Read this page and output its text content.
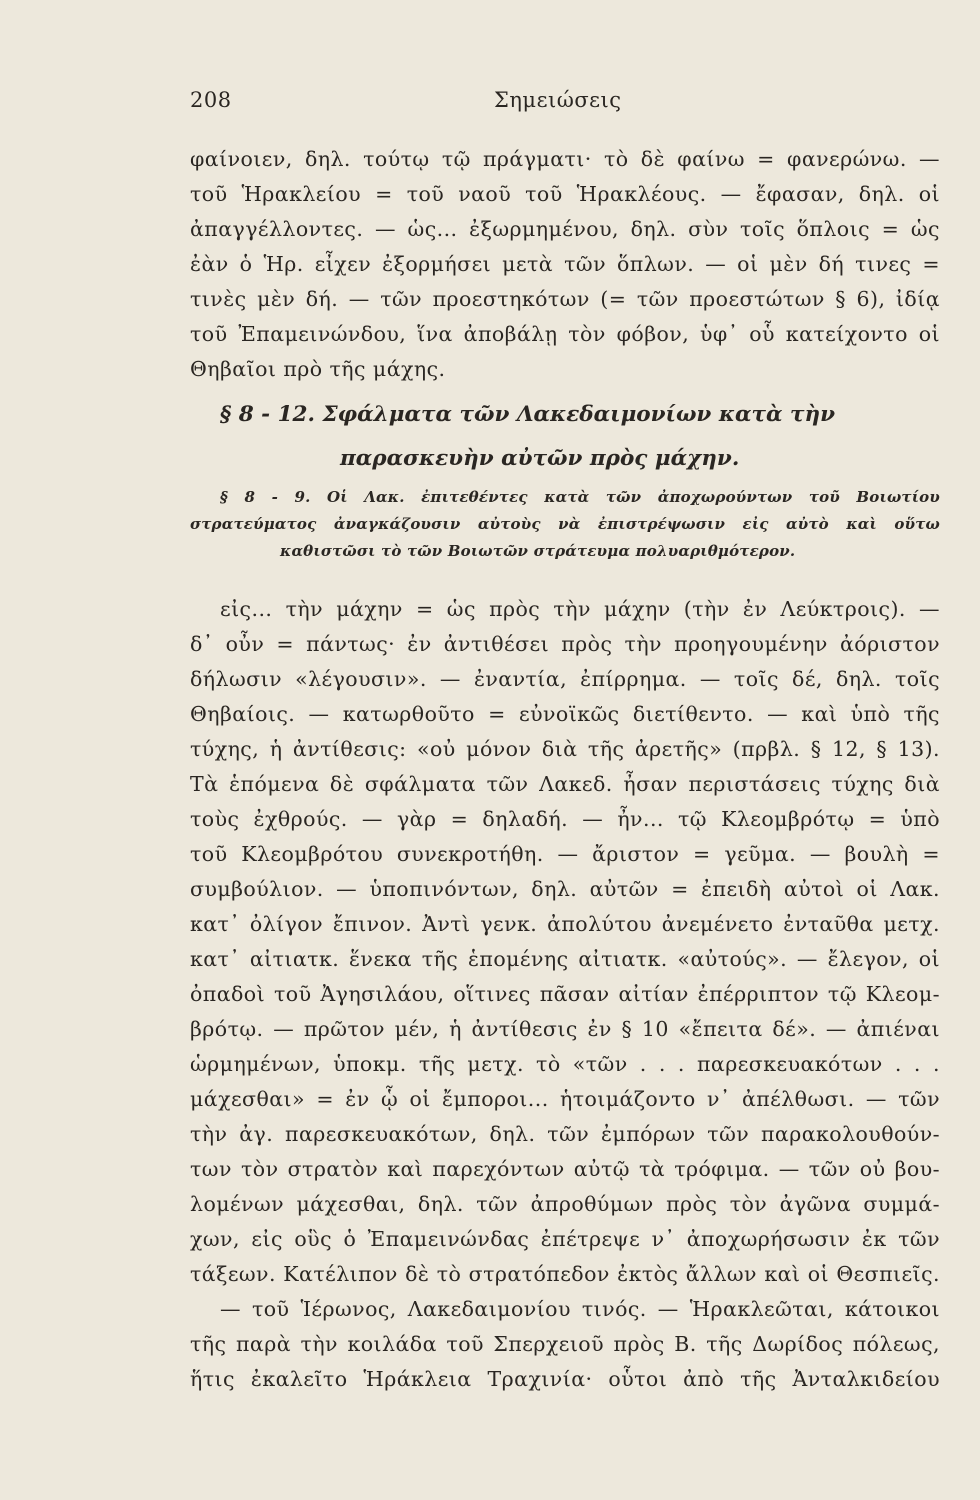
208	Σημειώσεις
φαίνοιεν, δηλ. τούτῳ τῷ πράγματι· τὸ δὲ φαίνω = φανερώνω. —
τοῦ Ἡρακλείου = τοῦ ναοῦ τοῦ Ἡρακλέους. — ἔφασαν, δηλ. οἱ
ἀπαγγέλλοντες. — ὡς... ἐξωρμημένου, δηλ. σὺν τοῖς ὅπλοις = ὡς
ἐὰν ὁ Ἡρ. εἶχεν ἐξορμήσει μετὰ τῶν ὅπλων. — οἱ μὲν δή τινες =
τινὲς μὲν δή. — τῶν προεστηκότων (= τῶν προεστώτων § 6), ἰδίᾳ
τοῦ Ἐπαμεινώνδου, ἵνα ἀποβάλῃ τὸν φόβον, ὑφ᾽ οὗ κατείχοντο οἱ
Θηβαῖοι πρὸ τῆς μάχης.
§ 8 - 12. Σφάλματα τῶν Λακεδαιμονίων κατὰ τὴν
παρασκευὴν αὐτῶν πρὸς μάχην.
§ 8 - 9. Οἱ Λακ. ἐπιτεθέντες κατὰ τῶν ἀποχωρούντων τοῦ Βοιωτίου
στρατεύματος ἀναγκάζουσιν αὐτοὺς νὰ ἐπιστρέψωσιν εἰς αὐτὸ καὶ οὕτω
καθιστῶσι τὸ τῶν Βοιωτῶν στράτευμα πολυαριθμότερον.
εἰς... τὴν μάχην = ὡς πρὸς τὴν μάχην (τὴν ἐν Λεύκτροις). —
δ᾽ οὖν = πάντως· ἐν ἀντιθέσει πρὸς τὴν προηγουμένην ἀόριστον
δήλωσιν «λέγουσιν». — ἐναντία, ἐπίρρημα. — τοῖς δέ, δηλ. τοῖς
Θηβαίοις. — κατωρθοῦτο = εὐνοϊκῶς διετίθεντο. — καὶ ὑπὸ τῆς
τύχης, ἡ ἀντίθεσις: «οὐ μόνον διὰ τῆς ἀρετῆς» (πρβλ. § 12, § 13).
Τὰ ἑπόμενα δὲ σφάλματα τῶν Λακεδ. ἦσαν περιστάσεις τύχης διὰ
τοὺς ἐχθρούς. — γὰρ = δηλαδή. — ἦν... τῷ Κλεομβρότῳ = ὑπὸ
τοῦ Κλεομβρότου συνεκροτήθη. — ἄριστον = γεῦμα. — βουλὴ =
συμβούλιον. — ὑποπινόντων, δηλ. αὐτῶν = ἐπειδὴ αὐτοὶ οἱ Λακ.
κατ᾽ ὀλίγον ἔπινον. Ἀντὶ γενκ. ἀπολύτου ἀνεμένετο ἐνταῦθα μετχ.
κατ᾽ αἰτιατκ. ἕνεκα τῆς ἑπομένης αἰτιατκ. «αὐτούς». — ἔλεγον, οἱ
ὀπαδοὶ τοῦ Ἀγησιλάου, οἵτινες πᾶσαν αἰτίαν ἐπέρριπτον τῷ Κλεομ-
βρότῳ. — πρῶτον μέν, ἡ ἀντίθεσις ἐν § 10 «ἔπειτα δέ». — ἀπιέναι
ὡρμημένων, ὑποκμ. τῆς μετχ. τὸ «τῶν . . . παρεσκευακότων . . .
μάχεσθαι» = ἐν ᾧ οἱ ἔμποροι... ἡτοιμάζοντο ν᾽ ἀπέλθωσι. — τῶν
τὴν ἀγ. παρεσκευακότων, δηλ. τῶν ἐμπόρων τῶν παρακολουθούν-
των τὸν στρατὸν καὶ παρεχόντων αὐτῷ τὰ τρόφιμα. — τῶν οὐ βου-
λομένων μάχεσθαι, δηλ. τῶν ἀπροθύμων πρὸς τὸν ἀγῶνα συμμά-
χων, εἰς οὓς ὁ Ἐπαμεινώνδας ἐπέτρεψε ν᾽ ἀποχωρήσωσιν ἐκ τῶν
τάξεων. Κατέλιπον δὲ τὸ στρατόπεδον ἐκτὸς ἄλλων καὶ οἱ Θεσπιεῖς.
— τοῦ Ἱέρωνος, Λακεδαιμονίου τινός. — Ἡρακλεῶται, κάτοικοι
τῆς παρὰ τὴν κοιλάδα τοῦ Σπερχειοῦ πρὸς Β. τῆς Δωρίδος πόλεως,
ἥτις ἐκαλεῖτο Ἡράκλεια Τραχινία· οὗτοι ἀπὸ τῆς Ἀνταλκιδείου
